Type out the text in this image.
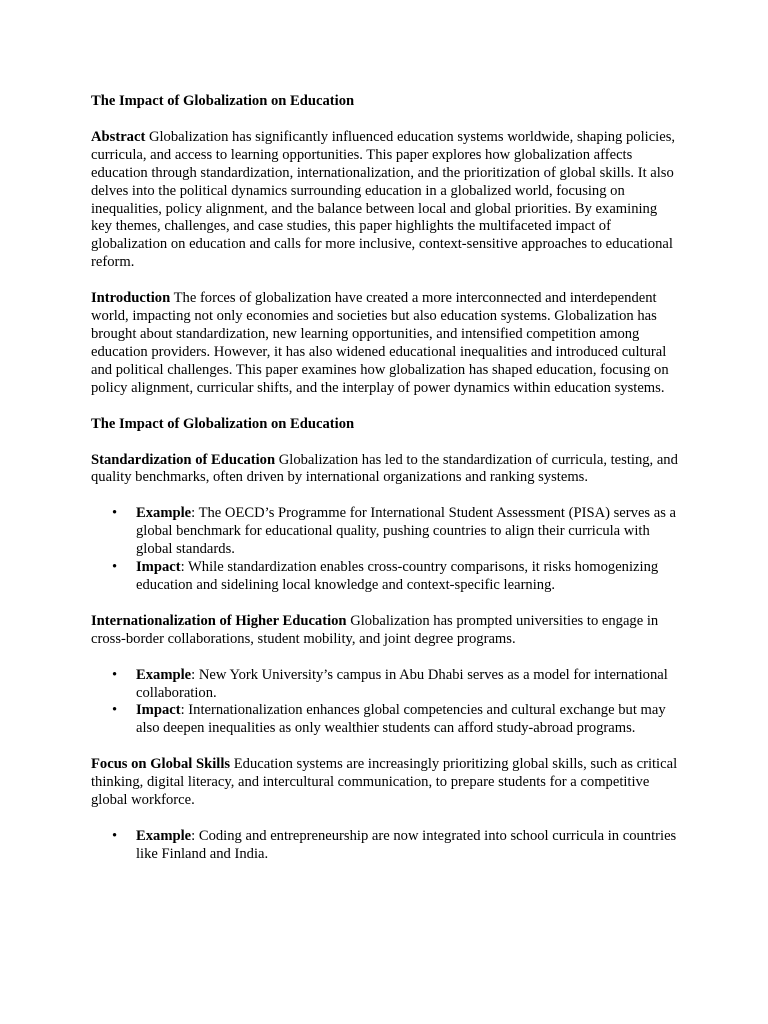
The Impact of Globalization on Education

Abstract Globalization has significantly influenced education systems worldwide, shaping policies, curricula, and access to learning opportunities. This paper explores how globalization affects education through standardization, internationalization, and the prioritization of global skills. It also delves into the political dynamics surrounding education in a globalized world, focusing on inequalities, policy alignment, and the balance between local and global priorities. By examining key themes, challenges, and case studies, this paper highlights the multifaceted impact of globalization on education and calls for more inclusive, context-sensitive approaches to educational reform.

Introduction The forces of globalization have created a more interconnected and interdependent world, impacting not only economies and societies but also education systems. Globalization has brought about standardization, new learning opportunities, and intensified competition among education providers. However, it has also widened educational inequalities and introduced cultural and political challenges. This paper examines how globalization has shaped education, focusing on policy alignment, curricular shifts, and the interplay of power dynamics within education systems.

The Impact of Globalization on Education

Standardization of Education Globalization has led to the standardization of curricula, testing, and quality benchmarks, often driven by international organizations and ranking systems.

• Example: The OECD’s Programme for International Student Assessment (PISA) serves as a global benchmark for educational quality, pushing countries to align their curricula with global standards.
• Impact: While standardization enables cross-country comparisons, it risks homogenizing education and sidelining local knowledge and context-specific learning.

Internationalization of Higher Education Globalization has prompted universities to engage in cross-border collaborations, student mobility, and joint degree programs.

• Example: New York University’s campus in Abu Dhabi serves as a model for international collaboration.
• Impact: Internationalization enhances global competencies and cultural exchange but may also deepen inequalities as only wealthier students can afford study-abroad programs.

Focus on Global Skills Education systems are increasingly prioritizing global skills, such as critical thinking, digital literacy, and intercultural communication, to prepare students for a competitive global workforce.

• Example: Coding and entrepreneurship are now integrated into school curricula in countries like Finland and India.
